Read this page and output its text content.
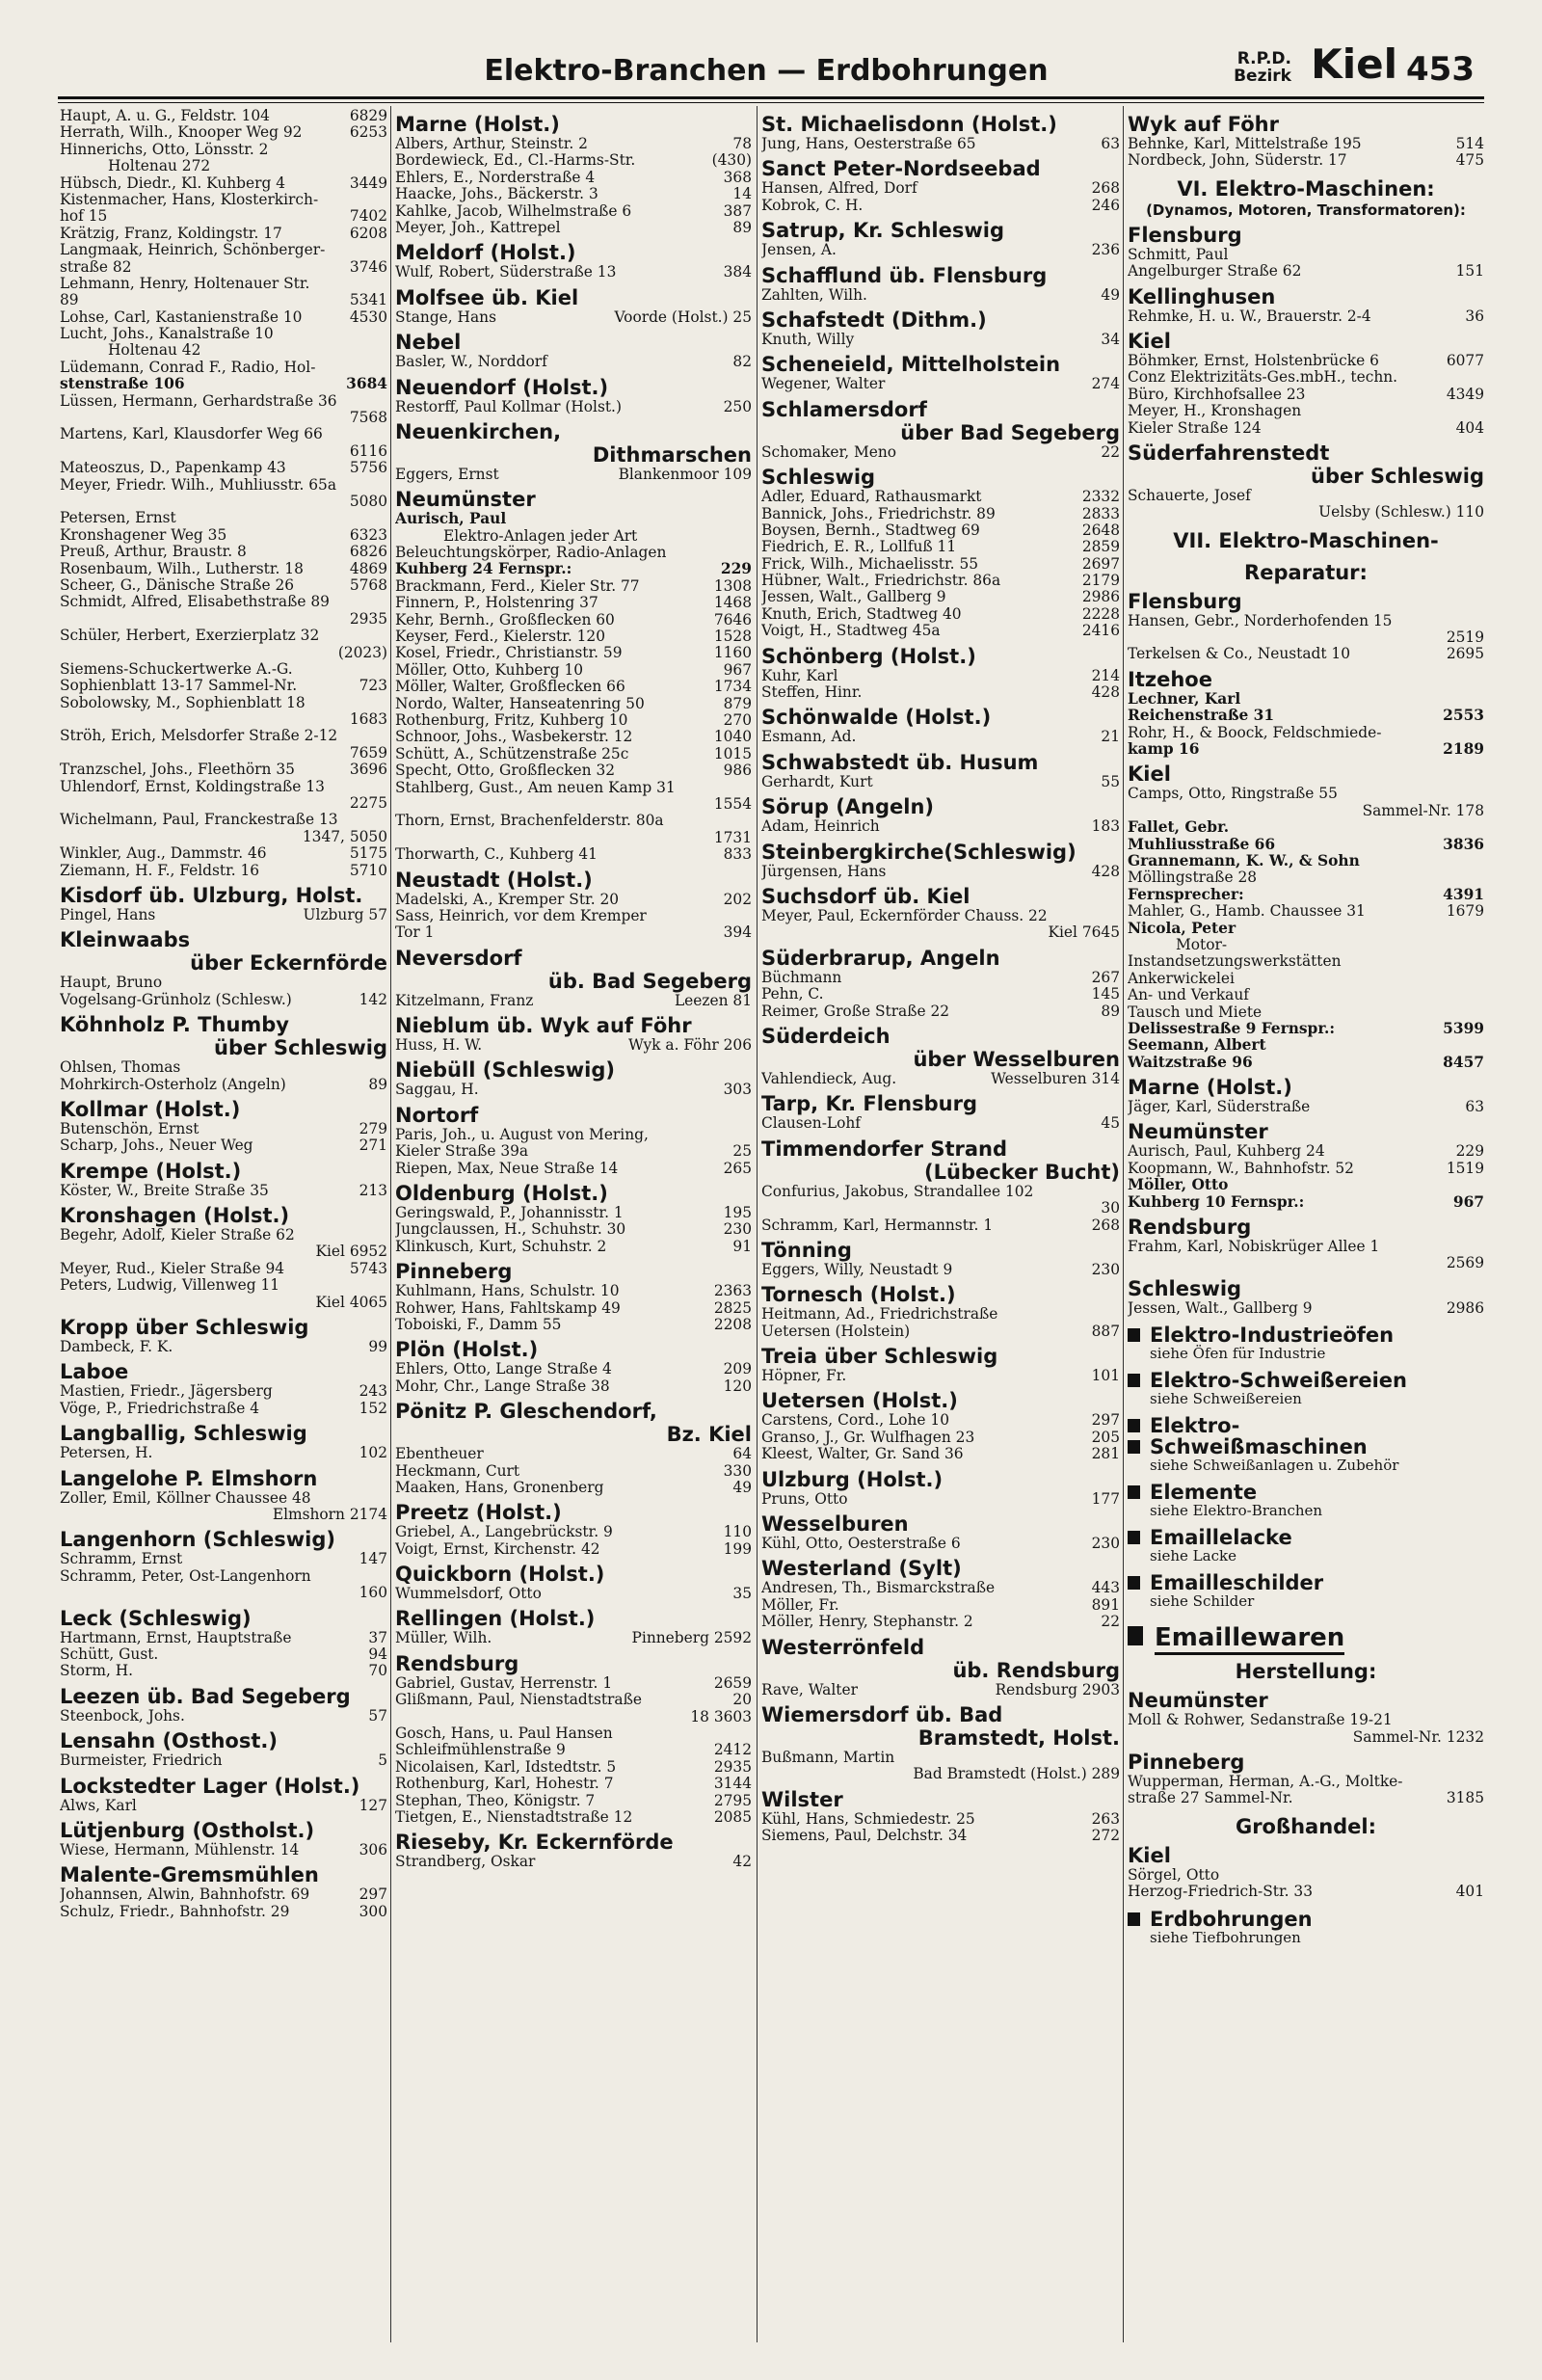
Elektro-Branchen — Erdbohrungen	R.P.D.
Bezirk Kiel 453
Haupt, A. u. G., Feldstr. 104	6829
Herrath, Wilh., Knooper Weg 92	6253
Hinnerichs, Otto, Lönsstr. 2
Holtenau 272
Hübsch, Diedr., Kl. Kuhberg 4	3449
Kistenmacher, Hans, Klosterkirch-
hof 15	7402
Krätzig, Franz, Koldingstr. 17	6208
Langmaak, Heinrich, Schönberger-
straße 82	3746
Lehmann, Henry, Holtenauer Str.
89	5341
Lohse, Carl, Kastanienstraße 10	4530
Lucht, Johs., Kanalstraße 10
Holtenau 42
Lüdemann, Conrad F., Radio, Hol-
stenstraße 106	3684
Lüssen, Hermann, Gerhardstraße 36
7568
Martens, Karl, Klausdorfer Weg 66
6116
Mateoszus, D., Papenkamp 43	5756
Meyer, Friedr. Wilh., Muhliusstr. 65a
5080
Petersen, Ernst
Kronshagener Weg 35	6323
Preuß, Arthur, Braustr. 8	6826
Rosenbaum, Wilh., Lutherstr. 18	4869
Scheer, G., Dänische Straße 26	5768
Schmidt, Alfred, Elisabethstraße 89
2935
Schüler, Herbert, Exerzierplatz 32
(2023)
Siemens-Schuckertwerke A.-G.
Sophienblatt 13-17 Sammel-Nr.	723
Sobolowsky, M., Sophienblatt 18
1683
Ströh, Erich, Melsdorfer Straße 2-12
7659
Tranzschel, Johs., Fleethörn 35	3696
Uhlendorf, Ernst, Koldingstraße 13
2275
Wichelmann, Paul, Franckestraße 13
1347, 5050
Winkler, Aug., Dammstr. 46	5175
Ziemann, H. F., Feldstr. 16	5710
Kisdorf üb. Ulzburg, Holst.
Pingel, Hans	Ulzburg 57
Kleinwaabs
über Eckernförde
Haupt, Bruno
Vogelsang-Grünholz (Schlesw.)	142
Köhnholz P. Thumby
über Schleswig
Ohlsen, Thomas
Mohrkirch-Osterholz (Angeln)	89
Kollmar (Holst.)
Butenschön, Ernst	279
Scharp, Johs., Neuer Weg	271
Krempe (Holst.)
Köster, W., Breite Straße 35	213
Kronshagen (Holst.)
Begehr, Adolf, Kieler Straße 62
Kiel 6952
Meyer, Rud., Kieler Straße 94	5743
Peters, Ludwig, Villenweg 11
Kiel 4065
Kropp über Schleswig
Dambeck, F. K.	99
Laboe
Mastien, Friedr., Jägersberg	243
Vöge, P., Friedrichstraße 4	152
Langballig, Schleswig
Petersen, H.	102
Langelohe P. Elmshorn
Zoller, Emil, Köllner Chaussee 48
Elmshorn 2174
Langenhorn (Schleswig)
Schramm, Ernst	147
Schramm, Peter, Ost-Langenhorn
160
Leck (Schleswig)
Hartmann, Ernst, Hauptstraße	37
Schütt, Gust.	94
Storm, H.	70
Leezen üb. Bad Segeberg
Steenbock, Johs.	57
Lensahn (Osthost.)
Burmeister, Friedrich	5
Lockstedter Lager (Holst.)
Alws, Karl	127
Lütjenburg (Ostholst.)
Wiese, Hermann, Mühlenstr. 14	306
Malente-Gremsmühlen
Johannsen, Alwin, Bahnhofstr. 69	297
Schulz, Friedr., Bahnhofstr. 29	300
Marne (Holst.)
Albers, Arthur, Steinstr. 2	78
Bordewieck, Ed., Cl.-Harms-Str.	(430)
Ehlers, E., Norderstraße 4	368
Haacke, Johs., Bäckerstr. 3	14
Kahlke, Jacob, Wilhelmstraße 6	387
Meyer, Joh., Kattrepel	89
Meldorf (Holst.)
Wulf, Robert, Süderstraße 13	384
Molfsee üb. Kiel
Stange, Hans	Voorde (Holst.) 25
Nebel
Basler, W., Norddorf	82
Neuendorf (Holst.)
Restorff, Paul Kollmar (Holst.)	250
Neuenkirchen,
Dithmarschen
Eggers, Ernst	Blankenmoor 109
Neumünster
Aurisch, Paul
Elektro-Anlagen jeder Art
Beleuchtungskörper, Radio-Anlagen
Kuhberg 24 Fernspr.:	229
Brackmann, Ferd., Kieler Str. 77	1308
Finnern, P., Holstenring 37	1468
Kehr, Bernh., Großflecken 60	7646
Keyser, Ferd., Kielerstr. 120	1528
Kosel, Friedr., Christianstr. 59	1160
Möller, Otto, Kuhberg 10	967
Möller, Walter, Großflecken 66	1734
Nordo, Walter, Hanseatenring 50	879
Rothenburg, Fritz, Kuhberg 10	270
Schnoor, Johs., Wasbekerstr. 12	1040
Schütt, A., Schützenstraße 25c	1015
Specht, Otto, Großflecken 32	986
Stahlberg, Gust., Am neuen Kamp 31
1554
Thorn, Ernst, Brachenfelderstr. 80a
1731
Thorwarth, C., Kuhberg 41	833
Neustadt (Holst.)
Madelski, A., Kremper Str. 20	202
Sass, Heinrich, vor dem Kremper
Tor 1	394
Neversdorf
üb. Bad Segeberg
Kitzelmann, Franz	Leezen 81
Nieblum üb. Wyk auf Föhr
Huss, H. W.	Wyk a. Föhr 206
Niebüll (Schleswig)
Saggau, H.	303
Nortorf
Paris, Joh., u. August von Mering,
Kieler Straße 39a	25
Riepen, Max, Neue Straße 14	265
Oldenburg (Holst.)
Geringswald, P., Johannisstr. 1	195
Jungclaussen, H., Schuhstr. 30	230
Klinkusch, Kurt, Schuhstr. 2	91
Pinneberg
Kuhlmann, Hans, Schulstr. 10	2363
Rohwer, Hans, Fahltskamp 49	2825
Toboiski, F., Damm 55	2208
Plön (Holst.)
Ehlers, Otto, Lange Straße 4	209
Mohr, Chr., Lange Straße 38	120
Pönitz P. Gleschendorf,
Bz. Kiel
Ebentheuer	64
Heckmann, Curt	330
Maaken, Hans, Gronenberg	49
Preetz (Holst.)
Griebel, A., Langebrückstr. 9	110
Voigt, Ernst, Kirchenstr. 42	199
Quickborn (Holst.)
Wummelsdorf, Otto	35
Rellingen (Holst.)
Müller, Wilh.	Pinneberg 2592
Rendsburg
Gabriel, Gustav, Herrenstr. 1	2659
Glißmann, Paul, Nienstadtstraße	20
18 3603
Gosch, Hans, u. Paul Hansen
Schleifmühlenstraße 9	2412
Nicolaisen, Karl, Idstedtstr. 5	2935
Rothenburg, Karl, Hohestr. 7	3144
Stephan, Theo, Königstr. 7	2795
Tietgen, E., Nienstadtstraße 12	2085
Rieseby, Kr. Eckernförde
Strandberg, Oskar	42
St. Michaelisdonn (Holst.)
Jung, Hans, Oesterstraße 65	63
Sanct Peter-Nordseebad
Hansen, Alfred, Dorf	268
Kobrok, C. H.	246
Satrup, Kr. Schleswig
Jensen, A.	236
Schafflund üb. Flensburg
Zahlten, Wilh.	49
Schafstedt (Dithm.)
Knuth, Willy	34
Scheneield, Mittelholstein
Wegener, Walter	274
Schlamersdorf
über Bad Segeberg
Schomaker, Meno	22
Schleswig
Adler, Eduard, Rathausmarkt	2332
Bannick, Johs., Friedrichstr. 89	2833
Boysen, Bernh., Stadtweg 69	2648
Fiedrich, E. R., Lollfuß 11	2859
Frick, Wilh., Michaelisstr. 55	2697
Hübner, Walt., Friedrichstr. 86a	2179
Jessen, Walt., Gallberg 9	2986
Knuth, Erich, Stadtweg 40	2228
Voigt, H., Stadtweg 45a	2416
Schönberg (Holst.)
Kuhr, Karl	214
Steffen, Hinr.	428
Schönwalde (Holst.)
Esmann, Ad.	21
Schwabstedt üb. Husum
Gerhardt, Kurt	55
Sörup (Angeln)
Adam, Heinrich	183
Steinbergkirche(Schleswig)
Jürgensen, Hans	428
Suchsdorf üb. Kiel
Meyer, Paul, Eckernförder Chauss. 22
Kiel 7645
Süderbrarup, Angeln
Büchmann	267
Pehn, C.	145
Reimer, Große Straße 22	89
Süderdeich
über Wesselburen
Vahlendieck, Aug.	Wesselburen 314
Tarp, Kr. Flensburg
Clausen-Lohf	45
Timmendorfer Strand
(Lübecker Bucht)
Confurius, Jakobus, Strandallee 102
30
Schramm, Karl, Hermannstr. 1	268
Tönning
Eggers, Willy, Neustadt 9	230
Tornesch (Holst.)
Heitmann, Ad., Friedrichstraße
Uetersen (Holstein)	887
Treia über Schleswig
Höpner, Fr.	101
Uetersen (Holst.)
Carstens, Cord., Lohe 10	297
Granso, J., Gr. Wulfhagen 23	205
Kleest, Walter, Gr. Sand 36	281
Ulzburg (Holst.)
Pruns, Otto	177
Wesselburen
Kühl, Otto, Oesterstraße 6	230
Westerland (Sylt)
Andresen, Th., Bismarckstraße	443
Möller, Fr.	891
Möller, Henry, Stephanstr. 2	22
Westerrönfeld
üb. Rendsburg
Rave, Walter	Rendsburg 2903
Wiemersdorf üb. Bad
Bramstedt, Holst.
Bußmann, Martin
Bad Bramstedt (Holst.) 289
Wilster
Kühl, Hans, Schmiedestr. 25	263
Siemens, Paul, Delchstr. 34	272
Wyk auf Föhr
Behnke, Karl, Mittelstraße 195	514
Nordbeck, John, Süderstr. 17	475
VI. Elektro-Maschinen:
(Dynamos, Motoren, Transformatoren):
Flensburg
Schmitt, Paul
Angelburger Straße 62	151
Kellinghusen
Rehmke, H. u. W., Brauerstr. 2-4	36
Kiel
Böhmker, Ernst, Holstenbrücke 6	6077
Conz Elektrizitäts-Ges.mbH., techn.
Büro, Kirchhofsallee 23	4349
Meyer, H., Kronshagen
Kieler Straße 124	404
Süderfahrenstedt
über Schleswig
Schauerte, Josef
Uelsby (Schlesw.) 110
VII. Elektro-Maschinen-
Reparatur:
Flensburg
Hansen, Gebr., Norderhofenden 15
2519
Terkelsen & Co., Neustadt 10	2695
Itzehoe
Lechner, Karl
Reichenstraße 31	2553
Rohr, H., & Boock, Feldschmiede-
kamp 16	2189
Kiel
Camps, Otto, Ringstraße 55
Sammel-Nr. 178
Fallet, Gebr.
Muhliusstraße 66	3836
Grannemann, K. W., & Sohn
Möllingstraße 28
Fernsprecher:	4391
Mahler, G., Hamb. Chaussee 31	1679
Nicola, Peter
Motor-
Instandsetzungswerkstätten
Ankerwickelei
An- und Verkauf
Tausch und Miete
Delissestraße 9 Fernspr.:	5399
Seemann, Albert
Waitzstraße 96	8457
Marne (Holst.)
Jäger, Karl, Süderstraße	63
Neumünster
Aurisch, Paul, Kuhberg 24	229
Koopmann, W., Bahnhofstr. 52	1519
Möller, Otto
Kuhberg 10 Fernspr.:	967
Rendsburg
Frahm, Karl, Nobiskrüger Allee 1
2569
Schleswig
Jessen, Walt., Gallberg 9	2986
Elektro-Industrieöfen
siehe Öfen für Industrie
Elektro-Schweißereien
siehe Schweißereien
Elektro-
Schweißmaschinen
siehe Schweißanlagen u. Zubehör
Elemente
siehe Elektro-Branchen
Emaillelacke
siehe Lacke
Emailleschilder
siehe Schilder
Emaillewaren
Herstellung:
Neumünster
Moll & Rohwer, Sedanstraße 19-21
Sammel-Nr. 1232
Pinneberg
Wupperman, Herman, A.-G., Moltke-
straße 27 Sammel-Nr.	3185
Großhandel:
Kiel
Sörgel, Otto
Herzog-Friedrich-Str. 33	401
Erdbohrungen
siehe Tiefbohrungen
